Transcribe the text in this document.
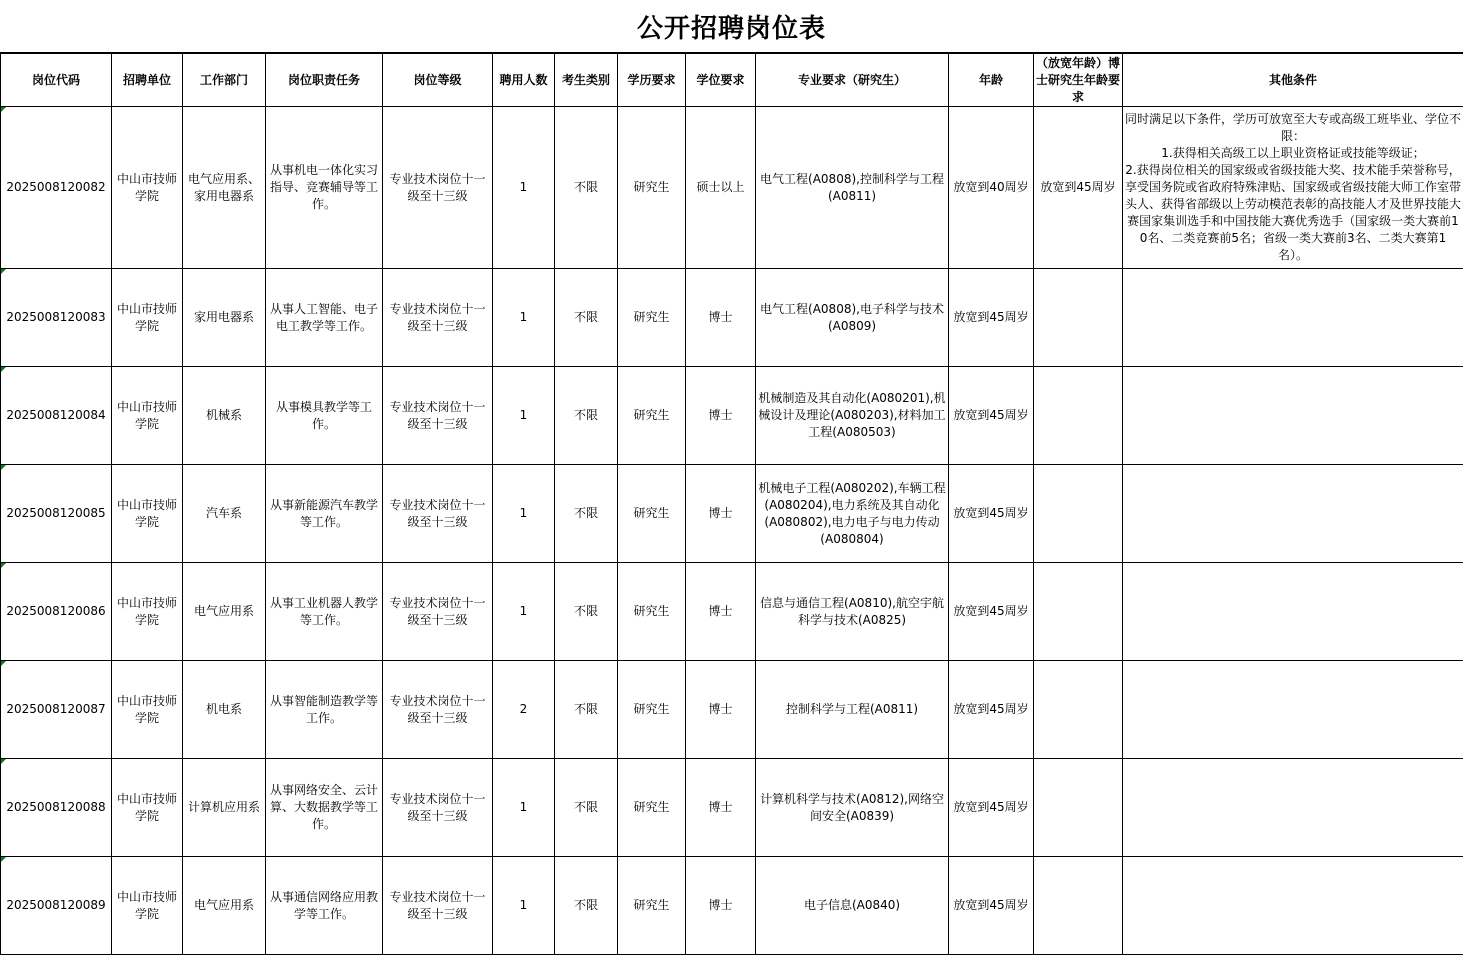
公开招聘岗位表
岗位代码	招聘单位	工作部门	岗位职责任务	岗位等级	聘用人数	考生类别	学历要求	学位要求	专业要求（研究生）	年龄	（放宽年龄）博士研究生年龄要求	其他条件
2025008120082	中山市技师学院	电气应用系、家用电器系	从事机电一体化实习指导、竞赛辅导等工作。	专业技术岗位十一级至十三级	1	不限	研究生	硕士以上	电气工程(A0808),控制科学与工程(A0811)	放宽到40周岁	放宽到45周岁	同时满足以下条件，学历可放宽至大专或高级工班毕业、学位不限：
1.获得相关高级工以上职业资格证或技能等级证；
2.获得岗位相关的国家级或省级技能大奖、技术能手荣誉称号，享受国务院或省政府特殊津贴、国家级或省级技能大师工作室带头人、获得省部级以上劳动模范表彰的高技能人才及世界技能大赛国家集训选手和中国技能大赛优秀选手（国家级一类大赛前10名、二类竞赛前5名；省级一类大赛前3名、二类大赛第1名）。
2025008120083	中山市技师学院	家用电器系	从事人工智能、电子电工教学等工作。	专业技术岗位十一级至十三级	1	不限	研究生	博士	电气工程(A0808),电子科学与技术(A0809)	放宽到45周岁		
2025008120084	中山市技师学院	机械系	从事模具教学等工作。	专业技术岗位十一级至十三级	1	不限	研究生	博士	机械制造及其自动化(A080201),机械设计及理论(A080203),材料加工工程(A080503)	放宽到45周岁		
2025008120085	中山市技师学院	汽车系	从事新能源汽车教学等工作。	专业技术岗位十一级至十三级	1	不限	研究生	博士	机械电子工程(A080202),车辆工程(A080204),电力系统及其自动化(A080802),电力电子与电力传动(A080804)	放宽到45周岁		
2025008120086	中山市技师学院	电气应用系	从事工业机器人教学等工作。	专业技术岗位十一级至十三级	1	不限	研究生	博士	信息与通信工程(A0810),航空宇航科学与技术(A0825)	放宽到45周岁		
2025008120087	中山市技师学院	机电系	从事智能制造教学等工作。	专业技术岗位十一级至十三级	2	不限	研究生	博士	控制科学与工程(A0811)	放宽到45周岁		
2025008120088	中山市技师学院	计算机应用系	从事网络安全、云计算、大数据教学等工作。	专业技术岗位十一级至十三级	1	不限	研究生	博士	计算机科学与技术(A0812),网络空间安全(A0839)	放宽到45周岁		
2025008120089	中山市技师学院	电气应用系	从事通信网络应用教学等工作。	专业技术岗位十一级至十三级	1	不限	研究生	博士	电子信息(A0840)	放宽到45周岁		
